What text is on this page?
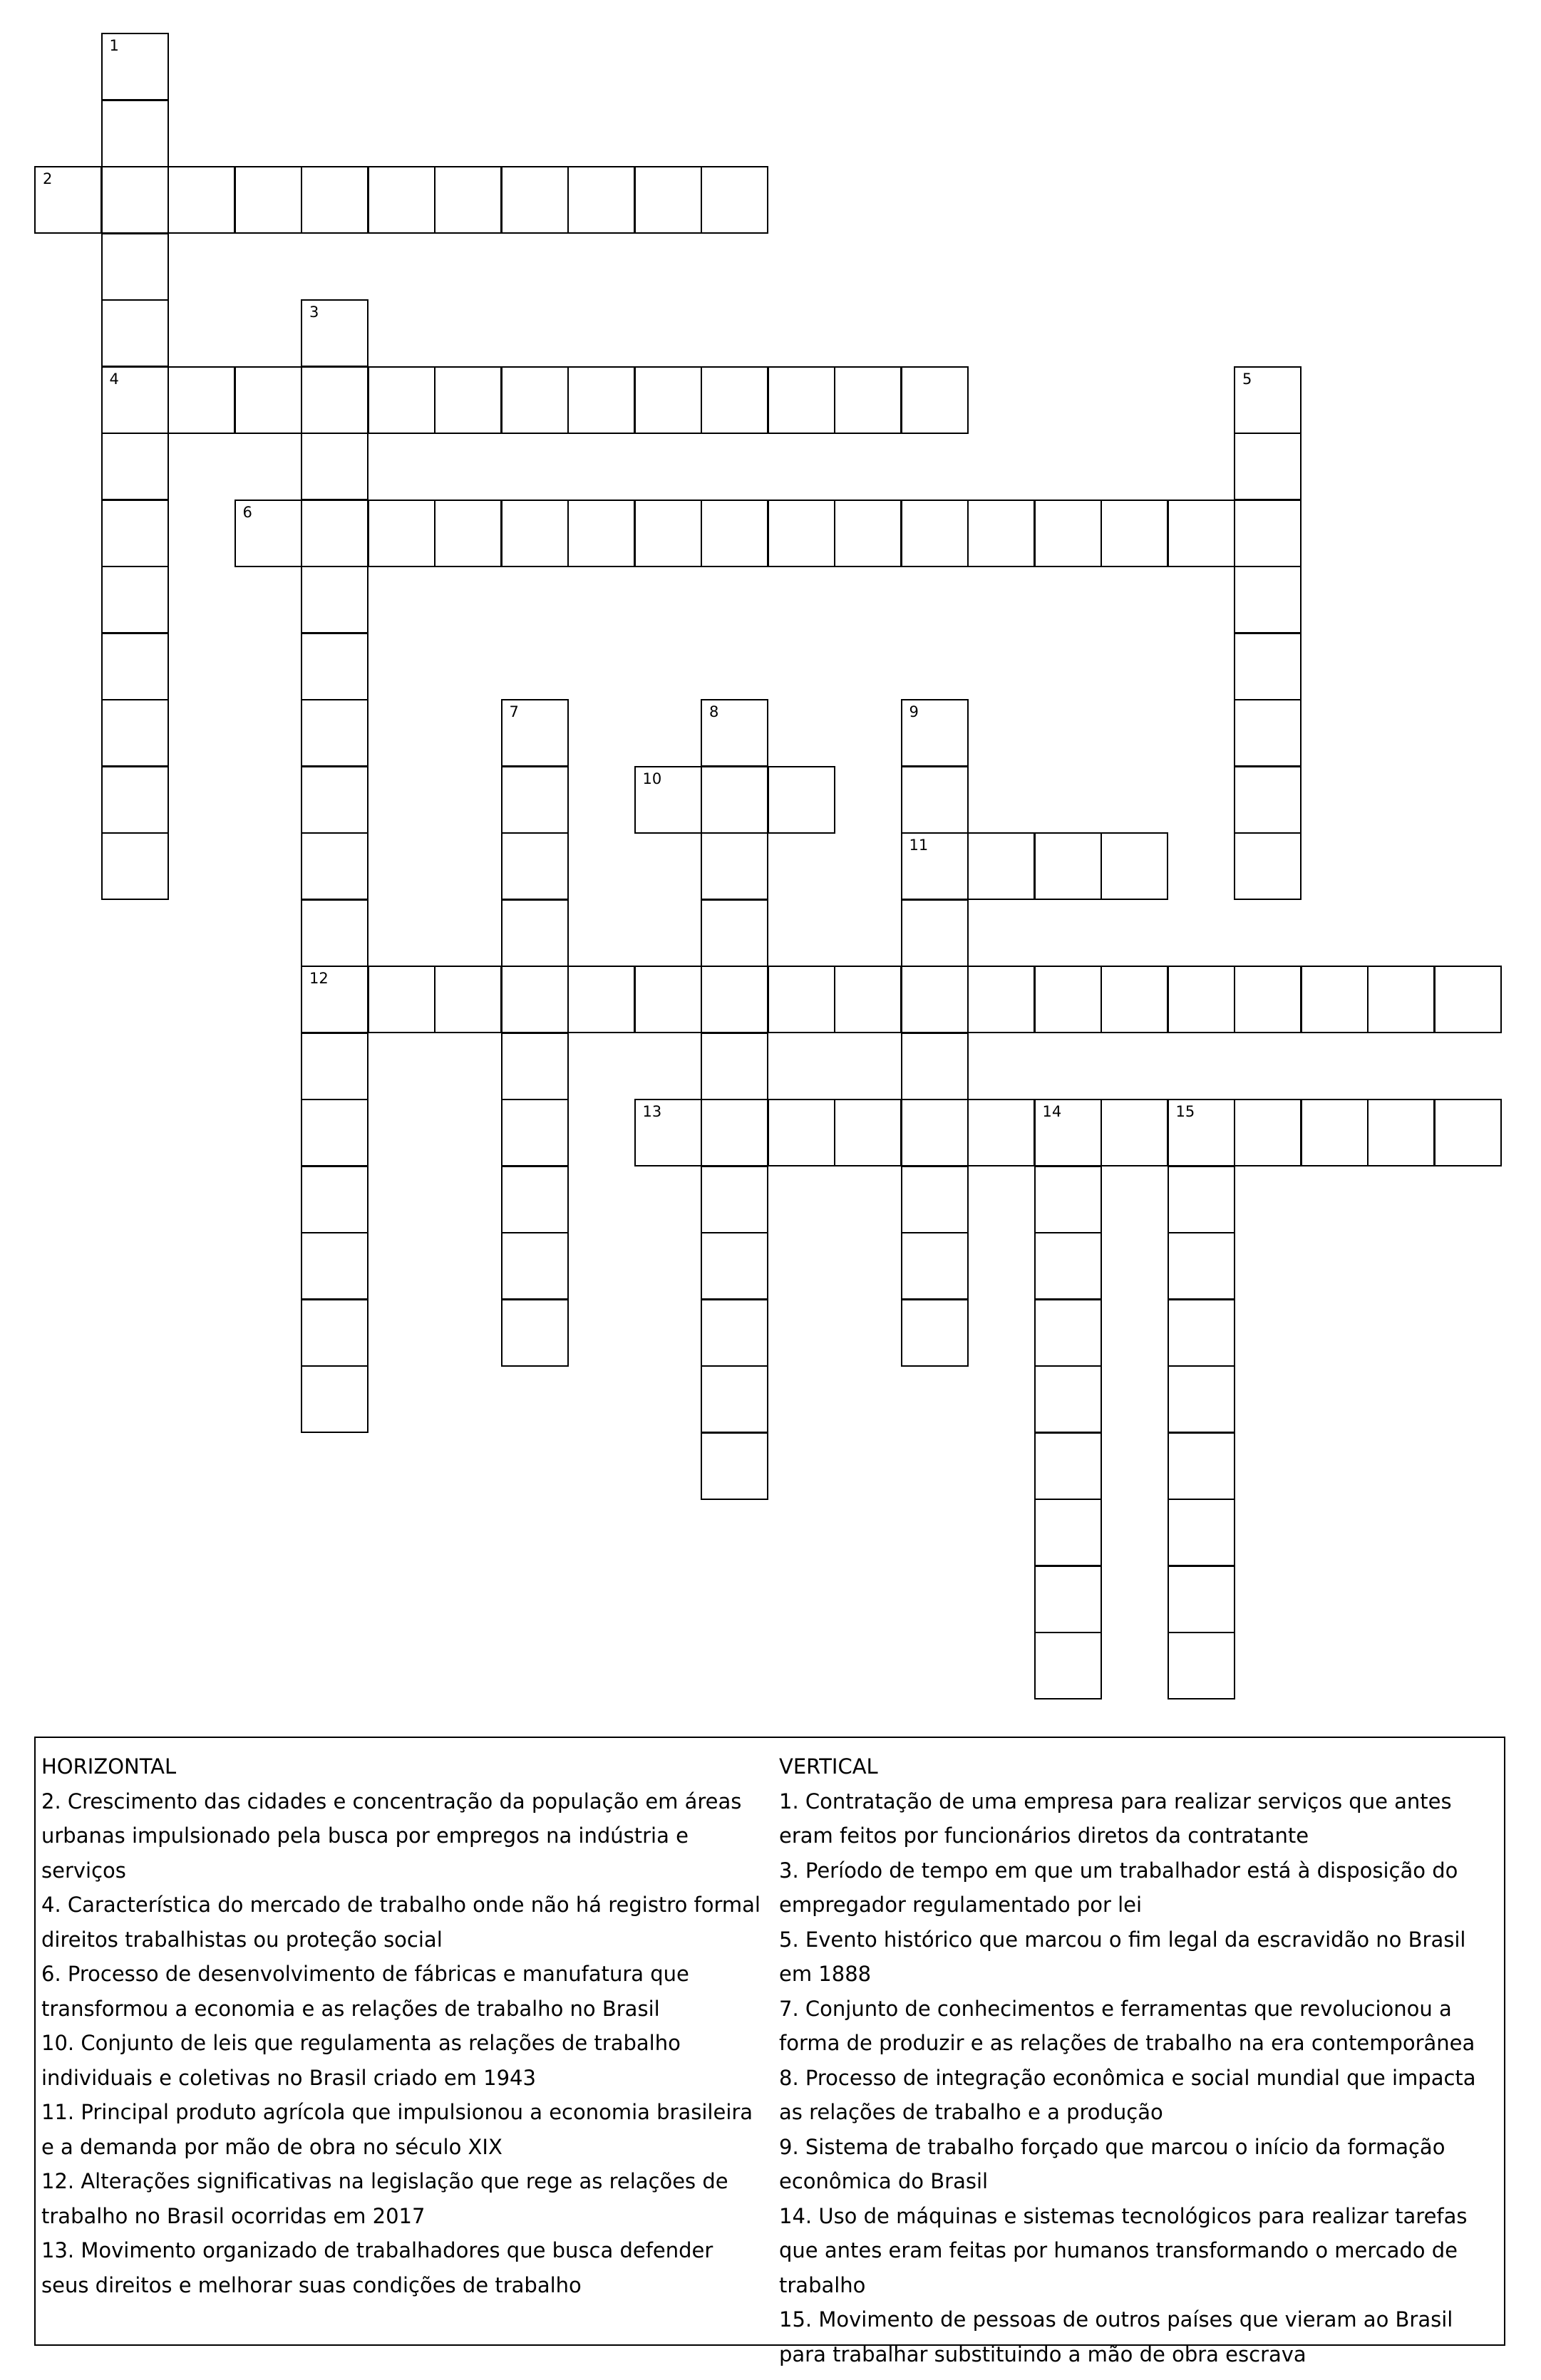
1
4
2
3
12
5
6
7	8	9
11
10
13	14	15
HORIZONTAL
2. Crescimento das cidades e concentração da população em áreas urbanas impulsionado pela busca por empregos na indústria e serviços
4. Característica do mercado de trabalho onde não há registro formal direitos trabalhistas ou proteção social
6. Processo de desenvolvimento de fábricas e manufatura que transformou a economia e as relações de trabalho no Brasil
10. Conjunto de leis que regulamenta as relações de trabalho individuais e coletivas no Brasil criado em 1943
11. Principal produto agrícola que impulsionou a economia brasileira e a demanda por mão de obra no século XIX
12. Alterações significativas na legislação que rege as relações de trabalho no Brasil ocorridas em 2017
13. Movimento organizado de trabalhadores que busca defender seus direitos e melhorar suas condições de trabalho
VERTICAL
1. Contratação de uma empresa para realizar serviços que antes eram feitos por funcionários diretos da contratante
3. Período de tempo em que um trabalhador está à disposição do empregador regulamentado por lei
5. Evento histórico que marcou o fim legal da escravidão no Brasil em 1888
7. Conjunto de conhecimentos e ferramentas que revolucionou a forma de produzir e as relações de trabalho na era contemporânea
8. Processo de integração econômica e social mundial que impacta as relações de trabalho e a produção
9. Sistema de trabalho forçado que marcou o início da formação econômica do Brasil
14. Uso de máquinas e sistemas tecnológicos para realizar tarefas que antes eram feitas por humanos transformando o mercado de trabalho
15. Movimento de pessoas de outros países que vieram ao Brasil para trabalhar substituindo a mão de obra escrava
